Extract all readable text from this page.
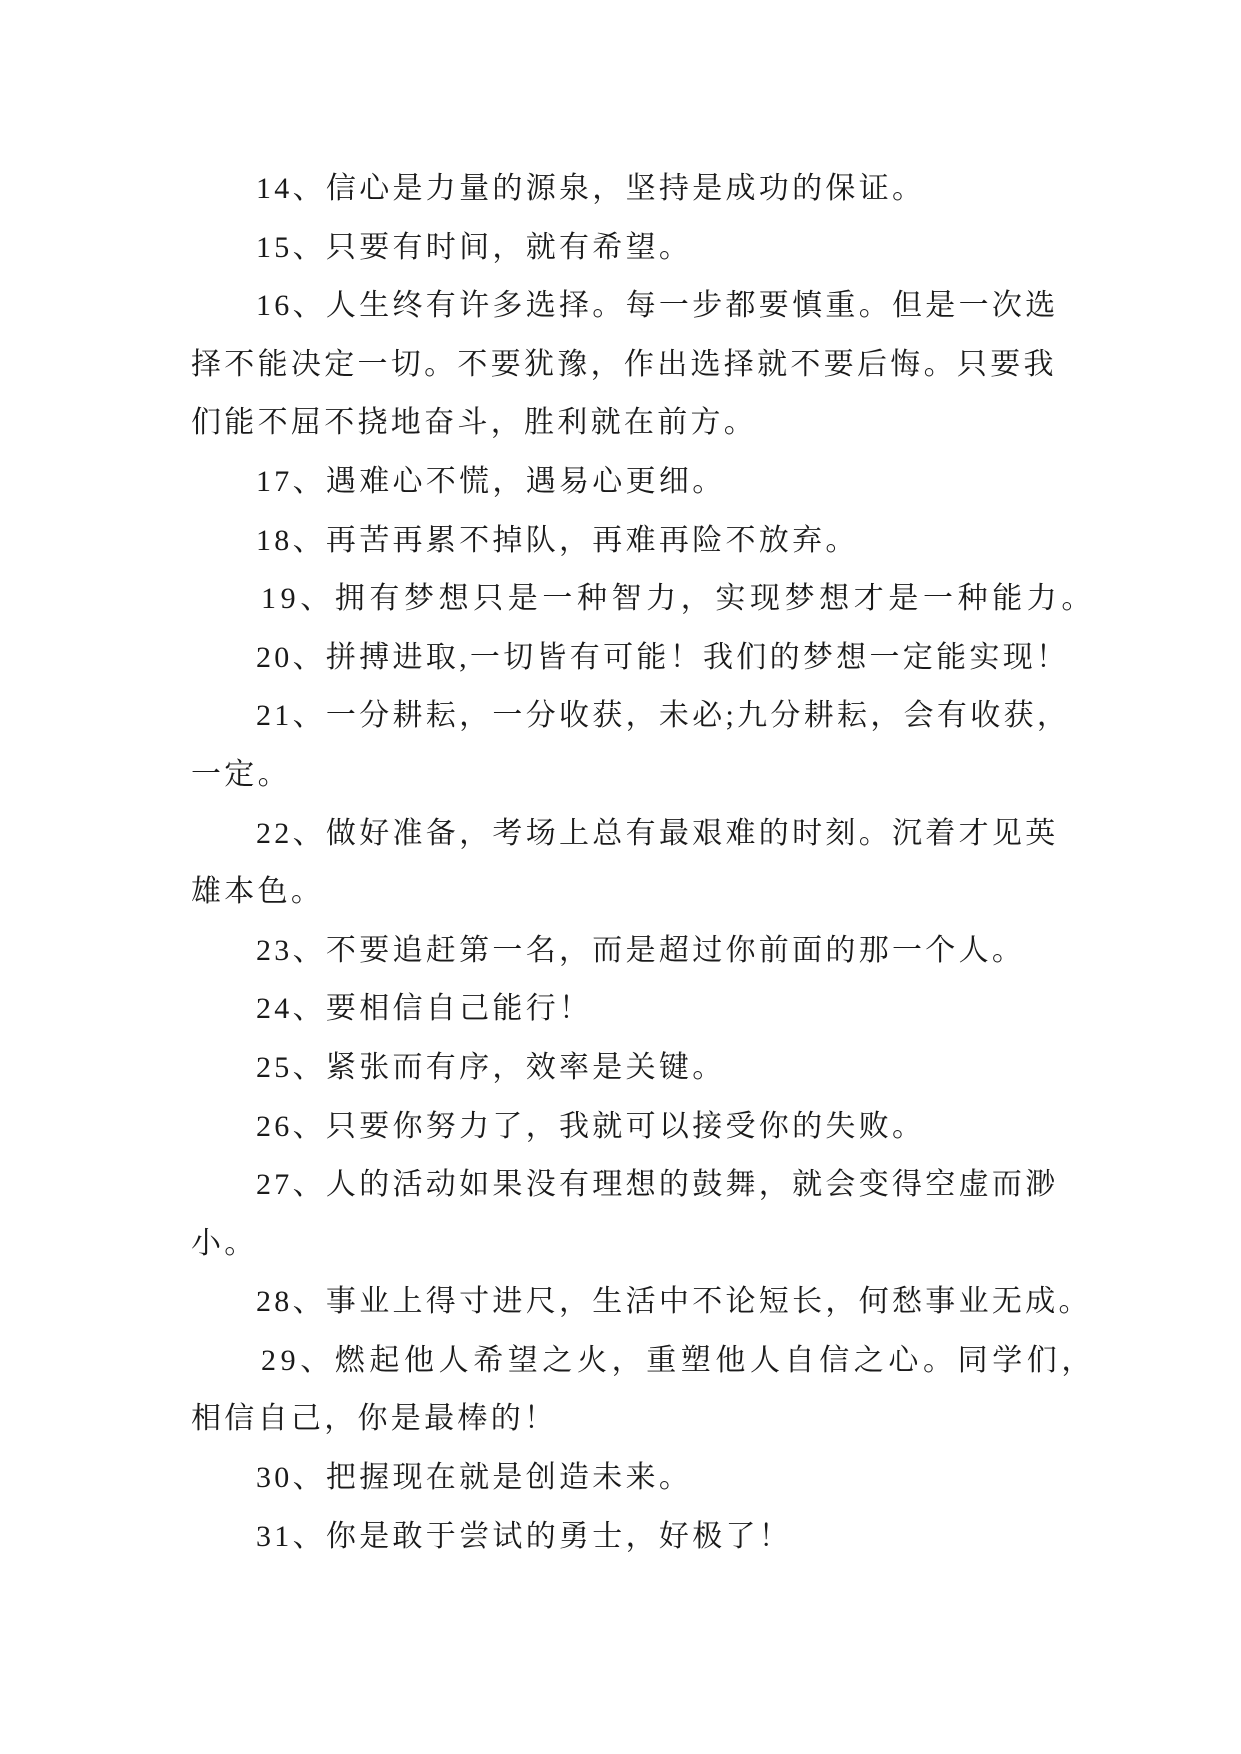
14、信心是力量的源泉，坚持是成功的保证。
15、只要有时间，就有希望。
16、人生终有许多选择。每一步都要慎重。但是一次选
择不能决定一切。不要犹豫，作出选择就不要后悔。只要我
们能不屈不挠地奋斗，胜利就在前方。
17、遇难心不慌，遇易心更细。
18、再苦再累不掉队，再难再险不放弃。
19、拥有梦想只是一种智力，实现梦想才是一种能力。
20、拼搏进取,一切皆有可能！我们的梦想一定能实现！
21、一分耕耘，一分收获，未必;九分耕耘，会有收获，
一定。
22、做好准备，考场上总有最艰难的时刻。沉着才见英
雄本色。
23、不要追赶第一名，而是超过你前面的那一个人。
24、要相信自己能行！
25、紧张而有序，效率是关键。
26、只要你努力了，我就可以接受你的失败。
27、人的活动如果没有理想的鼓舞，就会变得空虚而渺
小。
28、事业上得寸进尺，生活中不论短长，何愁事业无成。
29、燃起他人希望之火，重塑他人自信之心。同学们，
相信自己，你是最棒的！
30、把握现在就是创造未来。
31、你是敢于尝试的勇士，好极了！
